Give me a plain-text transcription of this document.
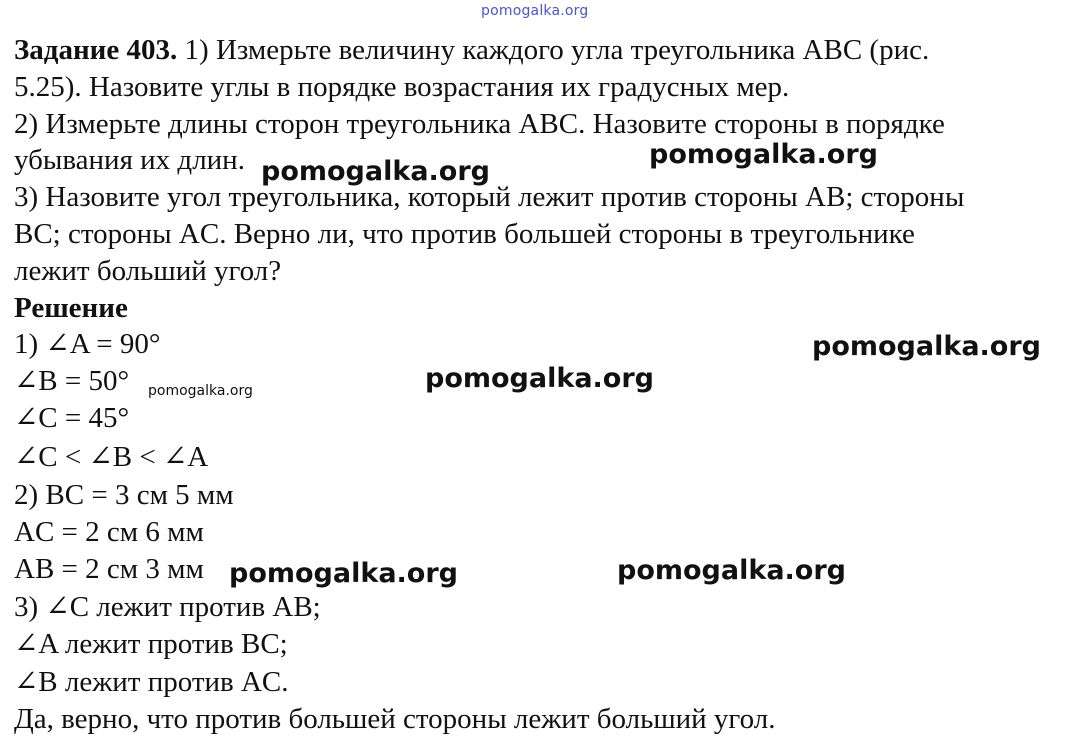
pomogalka.org

Задание 403. 1) Измерьте величину каждого угла треугольника ABC (рис.

5.25). Назовите углы в порядке возрастания их градусных мер.

2) Измерьте длины сторон треугольника ABC. Назовите стороны в порядке

убывания их длин.

3) Назовите угол треугольника, который лежит против стороны AB; стороны

BC; стороны AC. Верно ли, что против большей стороны в треугольнике

лежит больший угол?

Решение

1) ∠A = 90°

∠B = 50°

∠C = 45°

∠C < ∠B < ∠A

2) BC = 3 см 5 мм

AC = 2 см 6 мм

AB = 2 см 3 мм

3) ∠C лежит против AB;

∠A лежит против BC;

∠B лежит против AC.

Да, верно, что против большей стороны лежит больший угол.

pomogalka.org
pomogalka.org
pomogalka.org
pomogalka.org
pomogalka.org
pomogalka.org	pomogalka.org
